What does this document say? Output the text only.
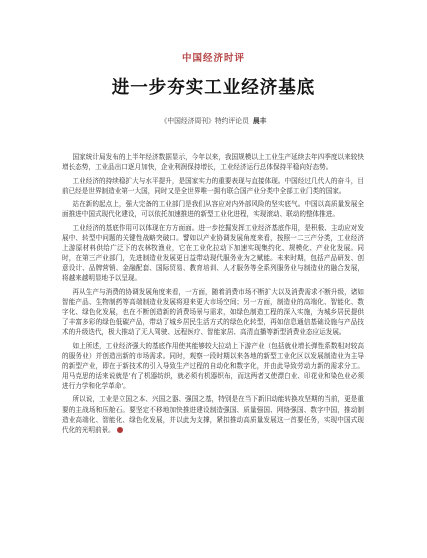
中国经济时评
进一步夯实工业经济基底
《中国经济周刊》特约评论员 晨丰

国家统计局发布的上半年经济数据显示，今年以来，我国规模以上工业生产延续去年四季度以来较快增长态势，工业品出口逐月加快，企业利润保持增长，工业经济运行总体保持平稳向好态势。

工业经济的持续稳扩大与水平提升，是国家实力的重要表现与直接体现。中国经过几代人的奋斗，目前已经是世界制造业第一大国，同时又是全世界唯一拥有联合国产业分类中全部工业门类的国家。

站在新的起点上，强大完备的工业部门是我们从容应对内外部风险的坚实底气。中国以高质量发展全面推进中国式现代化建设，可以依托加速推进的新型工业化进程，实现滚动、联动的整体推进。

工业经济的基底作用可以体现在方方面面。进一步挖掘发挥工业经济基底作用，是积极、主动应对发展中、转型中问题的关键性战略突破口。譬如以产业协调发展角度来看，按照一二三产分类，工业经济上游原材料供给广泛下的农林牧渔业，它在工业化拉动下加速实现集约化、规模化、产业化发展。同时，在第三产业部门，先进制造业发展更日益带动现代服务业为之赋能。未来时期，包括产品研发、创意设计、品牌营销、金融配套、国际贸易、教育培训、人才服务等全系列服务业与制造业的融合发展，将越来越明显地予以呈现。

再从生产与消费的协调发展角度来看，一方面，随着消费市场不断扩大以及消费需求不断升级，诸如智能产品、生物制药等高端制造业发展将迎来更大市场空间；另一方面，制造业的高端化、智能化、数字化、绿色化发展，也在不断创造新的消费场景与需求，如绿色制造工程的深入实施，为城乡居民提供了丰富多彩的绿色低碳产品，带动了城乡居民生活方式的绿色化转型，再如信息通信基础设施与产品技术的升级迭代，极大推动了无人驾驶、远程医疗、智能家居、高清直播等新型消费业态应运发展。

如上所述，工业经济强大的基底作用使其能够较大拉动上下游产业（包括就业增长弹性系数相对较高的服务业）并创造出新的市场需求。同时，观察一段时期以来各地的新型工业化区以发展制造业为主导的新型产业，即在于新技术的引入导致生产过程的自动化和数字化，并由此导致劳动力新的需求分工。用马克思的话来说就是'有了机器纺织，就必须有机器织布，而这两者又使漂白业、印花业和染色业必须进行力学和化学革命'。

所以说，工业是立国之本、兴国之器、强国之基，特别是在当下新旧动能转换攻坚期的当前，更是重要的主战场和压舱石。要坚定不移地加快推进建设制造强国、质量强国、网络强国、数字中国，推动制造业高端化、智能化、绿色化发展，并以此为支撑，紧扣推动高质量发展这一首要任务，实现中国式现代化的光明前景。
